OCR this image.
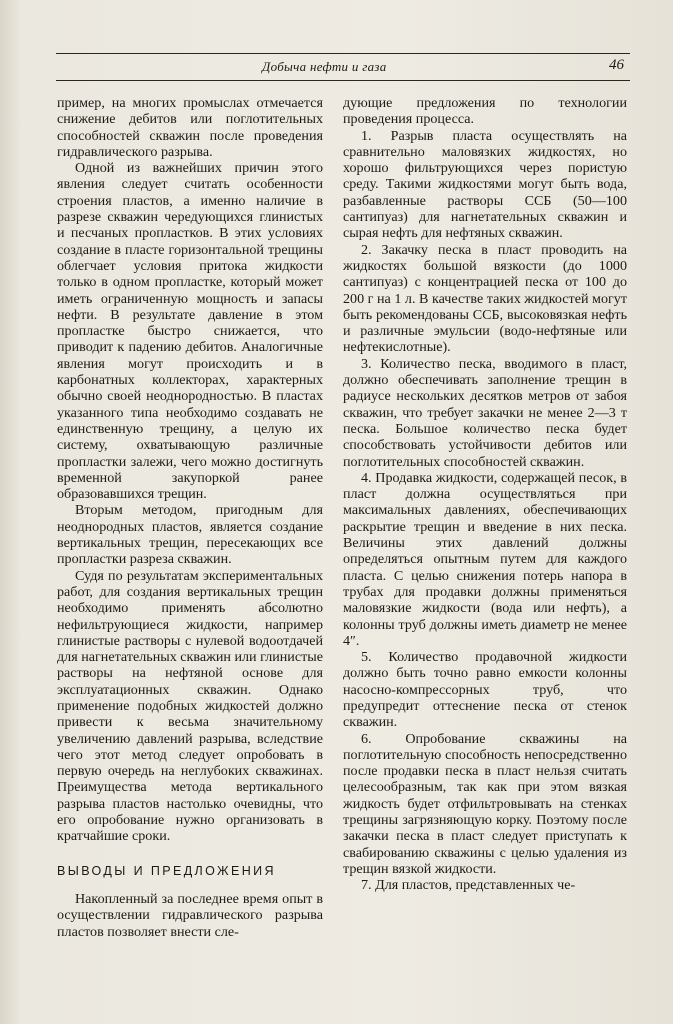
Добыча нефти и газа	46

пример, на многих промыслах отмечается снижение дебитов или поглотительных способностей скважин после проведения гидравлического разрыва.

Одной из важнейших причин этого явления следует считать особенности строения пластов, а именно наличие в разрезе скважин чередующихся глинистых и песчаных пропластков. В этих условиях создание в пласте горизонтальной трещины облегчает условия притока жидкости только в одном пропластке, который может иметь ограниченную мощность и запасы нефти. В результате давление в этом пропластке быстро снижается, что приводит к падению дебитов. Аналогичные явления могут происходить и в карбонатных коллекторах, характерных обычно своей неоднородностью. В пластах указанного типа необходимо создавать не единственную трещину, а целую их систему, охватывающую различные пропластки залежи, чего можно достигнуть временной закупоркой ранее образовавшихся трещин.

Вторым методом, пригодным для неоднородных пластов, является создание вертикальных трещин, пересекающих все пропластки разреза скважин.

Судя по результатам экспериментальных работ, для создания вертикальных трещин необходимо применять абсолютно нефильтрующиеся жидкости, например глинистые растворы с нулевой водоотдачей для нагнетательных скважин или глинистые растворы на нефтяной основе для эксплуатационных скважин. Однако применение подобных жидкостей должно привести к весьма значительному увеличению давлений разрыва, вследствие чего этот метод следует опробовать в первую очередь на неглубоких скважинах. Преимущества метода вертикального разрыва пластов настолько очевидны, что его опробование нужно организовать в кратчайшие сроки.

ВЫВОДЫ И ПРЕДЛОЖЕНИЯ

Накопленный за последнее время опыт в осуществлении гидравлического разрыва пластов позволяет внести сле-

дующие предложения по технологии проведения процесса.

1. Разрыв пласта осуществлять на сравнительно маловязких жидкостях, но хорошо фильтрующихся через пористую среду. Такими жидкостями могут быть вода, разбавленные растворы ССБ (50—100 сантипуаз) для нагнетательных скважин и сырая нефть для нефтяных скважин.

2. Закачку песка в пласт проводить на жидкостях большой вязкости (до 1000 сантипуаз) с концентрацией песка от 100 до 200 г на 1 л. В качестве таких жидкостей могут быть рекомендованы ССБ, высоковязкая нефть и различные эмульсии (водо-нефтяные или нефтекислотные).

3. Количество песка, вводимого в пласт, должно обеспечивать заполнение трещин в радиусе нескольких десятков метров от забоя скважин, что требует закачки не менее 2—3 т песка. Большое количество песка будет способствовать устойчивости дебитов или поглотительных способностей скважин.

4. Продавка жидкости, содержащей песок, в пласт должна осуществляться при максимальных давлениях, обеспечивающих раскрытие трещин и введение в них песка. Величины этих давлений должны определяться опытным путем для каждого пласта. С целью снижения потерь напора в трубах для продавки должны применяться маловязкие жидкости (вода или нефть), а колонны труб должны иметь диаметр не менее 4″.

5. Количество продавочной жидкости должно быть точно равно емкости колонны насосно-компрессорных труб, что предупредит оттеснение песка от стенок скважин.

6. Опробование скважины на поглотительную способность непосредственно после продавки песка в пласт нельзя считать целесообразным, так как при этом вязкая жидкость будет отфильтровывать на стенках трещины загрязняющую корку. Поэтому после закачки песка в пласт следует приступать к свабированию скважины с целью удаления из трещин вязкой жидкости.

7. Для пластов, представленных че-
